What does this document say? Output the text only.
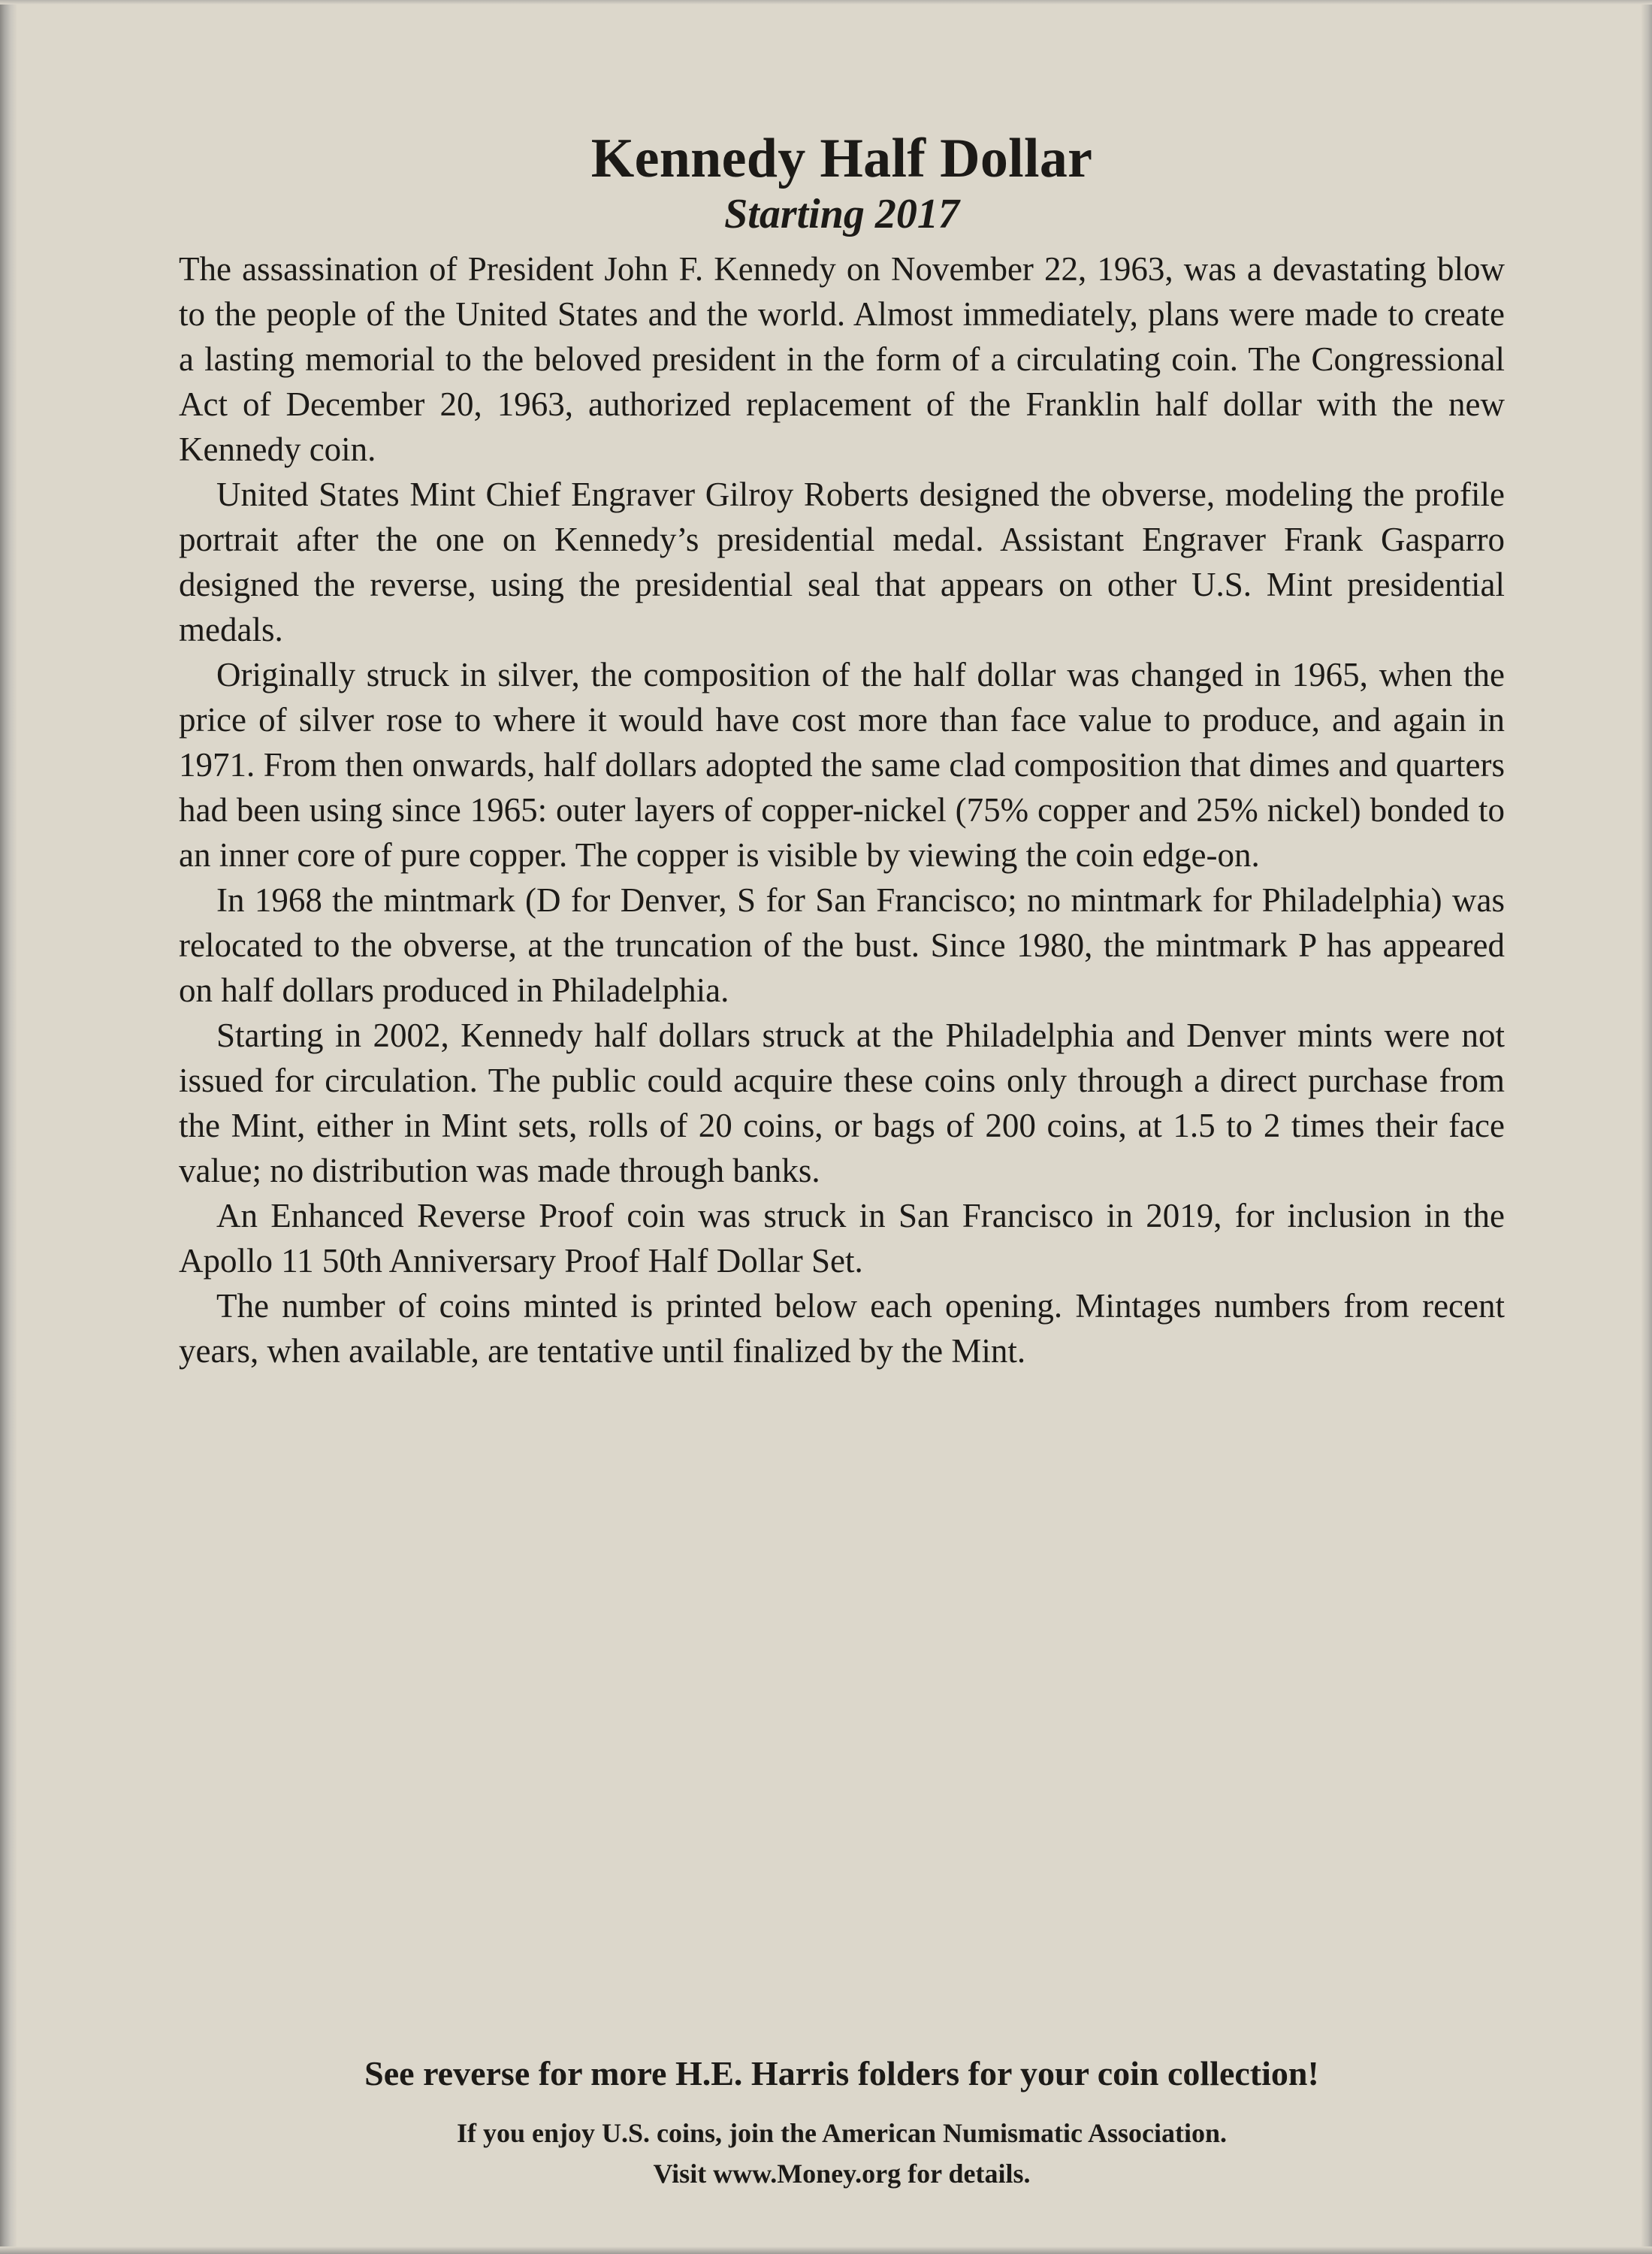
Kennedy Half Dollar
Starting 2017

The assassination of President John F. Kennedy on November 22, 1963, was a devastating blow to the people of the United States and the world. Almost immediately, plans were made to create a lasting memorial to the beloved president in the form of a circulating coin. The Congressional Act of December 20, 1963, authorized replacement of the Franklin half dollar with the new Kennedy coin.

United States Mint Chief Engraver Gilroy Roberts designed the obverse, modeling the profile portrait after the one on Kennedy’s presidential medal. Assistant Engraver Frank Gasparro designed the reverse, using the presidential seal that appears on other U.S. Mint presidential medals.

Originally struck in silver, the composition of the half dollar was changed in 1965, when the price of silver rose to where it would have cost more than face value to produce, and again in 1971. From then onwards, half dollars adopted the same clad composition that dimes and quarters had been using since 1965: outer layers of copper-nickel (75% copper and 25% nickel) bonded to an inner core of pure copper. The copper is visible by viewing the coin edge-on.

In 1968 the mintmark (D for Denver, S for San Francisco; no mintmark for Philadelphia) was relocated to the obverse, at the truncation of the bust. Since 1980, the mintmark P has appeared on half dollars produced in Philadelphia.

Starting in 2002, Kennedy half dollars struck at the Philadelphia and Denver mints were not issued for circulation. The public could acquire these coins only through a direct purchase from the Mint, either in Mint sets, rolls of 20 coins, or bags of 200 coins, at 1.5 to 2 times their face value; no distribution was made through banks.

An Enhanced Reverse Proof coin was struck in San Francisco in 2019, for inclusion in the Apollo 11 50th Anniversary Proof Half Dollar Set.

The number of coins minted is printed below each opening. Mintages numbers from recent years, when available, are tentative until finalized by the Mint.

See reverse for more H.E. Harris folders for your coin collection!
If you enjoy U.S. coins, join the American Numismatic Association.
Visit www.Money.org for details.
